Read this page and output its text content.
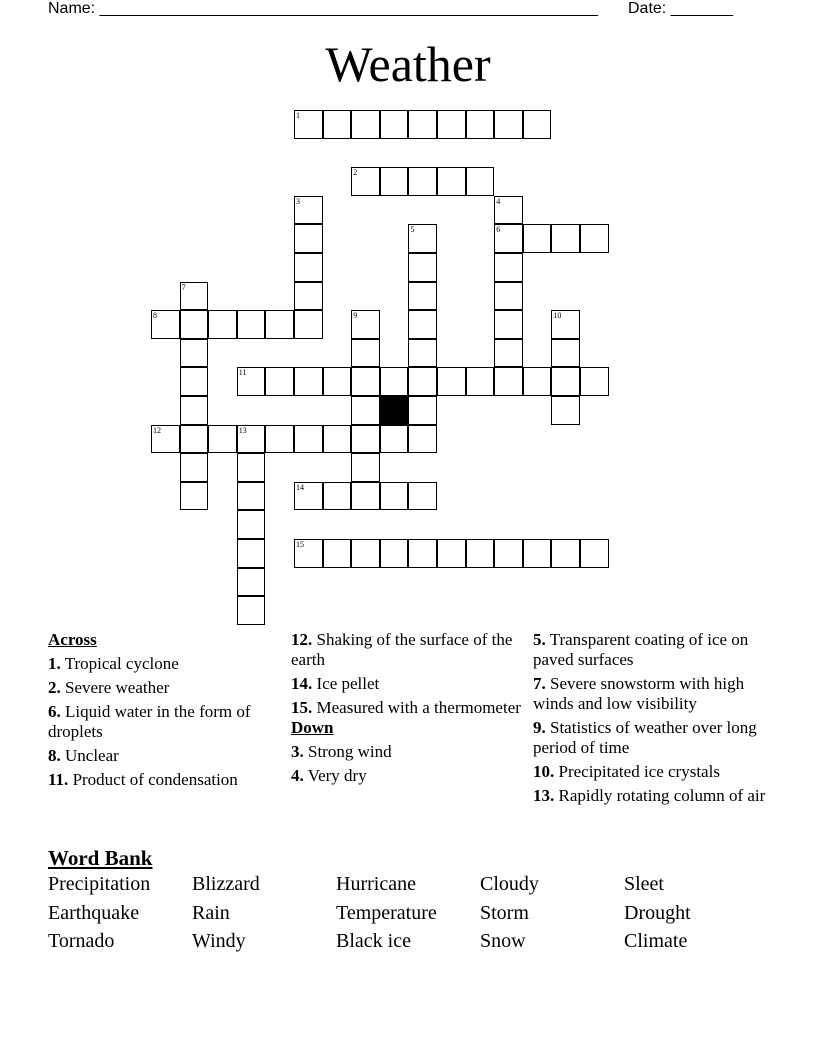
Name: ________________________________________________________ Date: _______
Weather
1
2
3	4
5	6
7
8	9	10
11
12	13
14
15
Across
1. Tropical cyclone
2. Severe weather
6. Liquid water in the form of droplets
8. Unclear
11. Product of condensation
12. Shaking of the surface of the earth
14. Ice pellet
15. Measured with a thermometer
Down
3. Strong wind
4. Very dry
5. Transparent coating of ice on paved surfaces
7. Severe snowstorm with high winds and low visibility
9. Statistics of weather over long period of time
10. Precipitated ice crystals
13. Rapidly rotating column of air
Word Bank
Precipitation Blizzard	Hurricane	Cloudy	Sleet
Earthquake	Rain	Temperature Storm	Drought
Tornado	Windy	Black ice	Snow	Climate
